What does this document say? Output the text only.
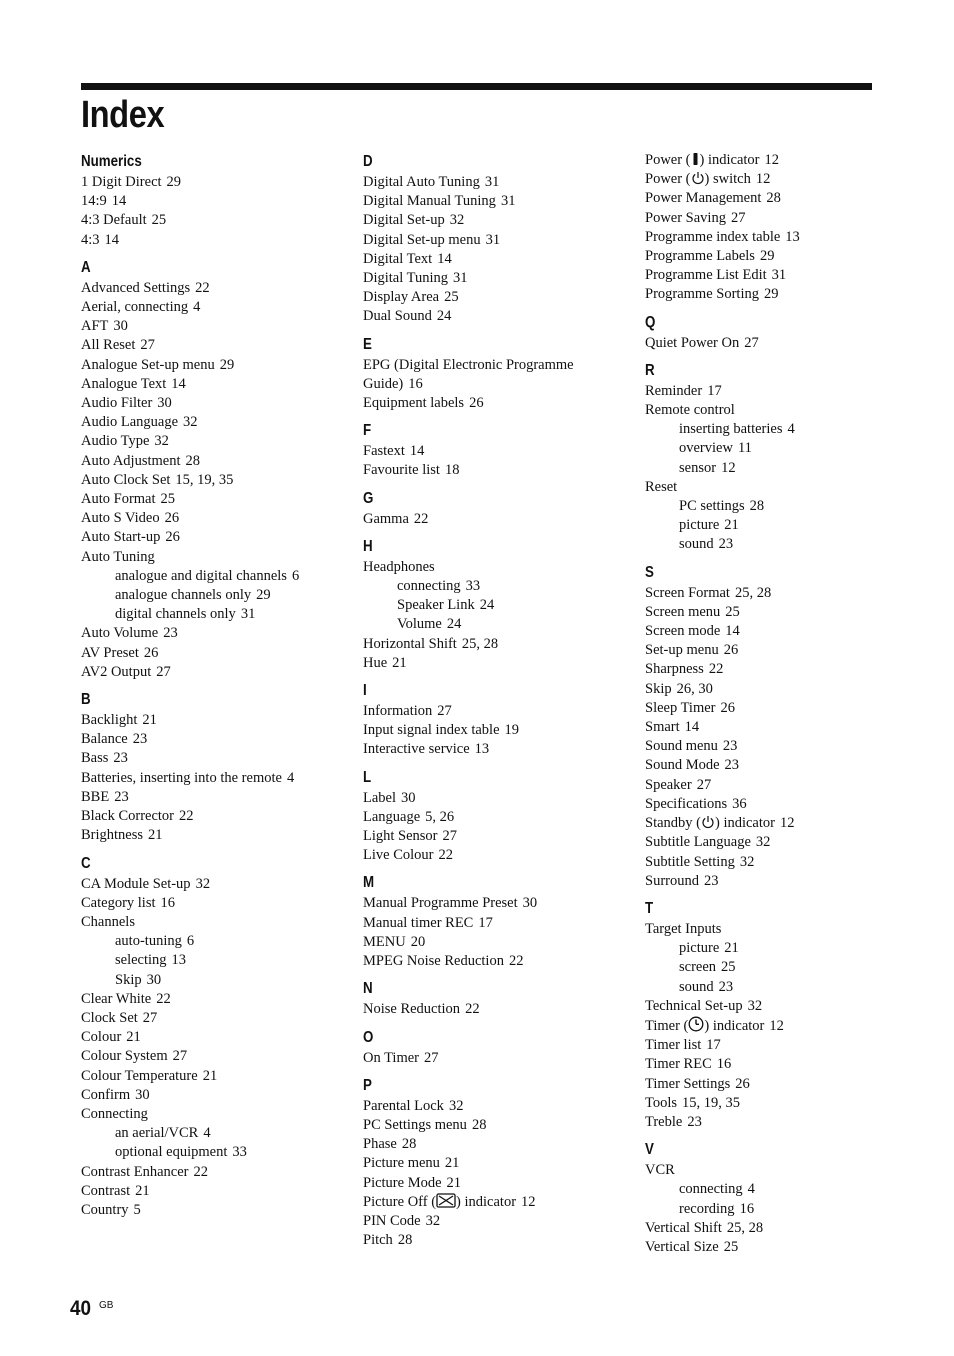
Index
Numerics
1 Digit Direct 29
14:9 14
4:3 Default 25
4:3 14
A
Advanced Settings 22
Aerial, connecting 4
AFT 30
All Reset 27
Analogue Set-up menu 29
Analogue Text 14
Audio Filter 30
Audio Language 32
Audio Type 32
Auto Adjustment 28
Auto Clock Set 15, 19, 35
Auto Format 25
Auto S Video 26
Auto Start-up 26
Auto Tuning
analogue and digital channels 6
analogue channels only 29
digital channels only 31
Auto Volume 23
AV Preset 26
AV2 Output 27
B
Backlight 21
Balance 23
Bass 23
Batteries, inserting into the remote 4
BBE 23
Black Corrector 22
Brightness 21
C
CA Module Set-up 32
Category list 16
Channels
auto-tuning 6
selecting 13
Skip 30
Clear White 22
Clock Set 27
Colour 21
Colour System 27
Colour Temperature 21
Confirm 30
Connecting
an aerial/VCR 4
optional equipment 33
Contrast Enhancer 22
Contrast 21
Country 5
D
Digital Auto Tuning 31
Digital Manual Tuning 31
Digital Set-up 32
Digital Set-up menu 31
Digital Text 14
Digital Tuning 31
Display Area 25
Dual Sound 24
E
EPG (Digital Electronic Programme
Guide) 16
Equipment labels 26
F
Fastext 14
Favourite list 18
G
Gamma 22
H
Headphones
connecting 33
Speaker Link 24
Volume 24
Horizontal Shift 25, 28
Hue 21
I
Information 27
Input signal index table 19
Interactive service 13
L
Label 30
Language 5, 26
Light Sensor 27
Live Colour 22
M
Manual Programme Preset 30
Manual timer REC 17
MENU 20
MPEG Noise Reduction 22
N
Noise Reduction 22
O
On Timer 27
P
Parental Lock 32
PC Settings menu 28
Phase 28
Picture menu 21
Picture Mode 21
Picture Off ( ) indicator 12
PIN Code 32
Pitch 28
Power ( ) indicator 12
Power ( ) switch 12
Power Management 28
Power Saving 27
Programme index table 13
Programme Labels 29
Programme List Edit 31
Programme Sorting 29
Q
Quiet Power On 27
R
Reminder 17
Remote control
inserting batteries 4
overview 11
sensor 12
Reset
PC settings 28
picture 21
sound 23
S
Screen Format 25, 28
Screen menu 25
Screen mode 14
Set-up menu 26
Sharpness 22
Skip 26, 30
Sleep Timer 26
Smart 14
Sound menu 23
Sound Mode 23
Speaker 27
Specifications 36
Standby ( ) indicator 12
Subtitle Language 32
Subtitle Setting 32
Surround 23
T
Target Inputs
picture 21
screen 25
sound 23
Technical Set-up 32
Timer ( ) indicator 12
Timer list 17
Timer REC 16
Timer Settings 26
Tools 15, 19, 35
Treble 23
V
VCR
connecting 4
recording 16
Vertical Shift 25, 28
Vertical Size 25
40 GB
